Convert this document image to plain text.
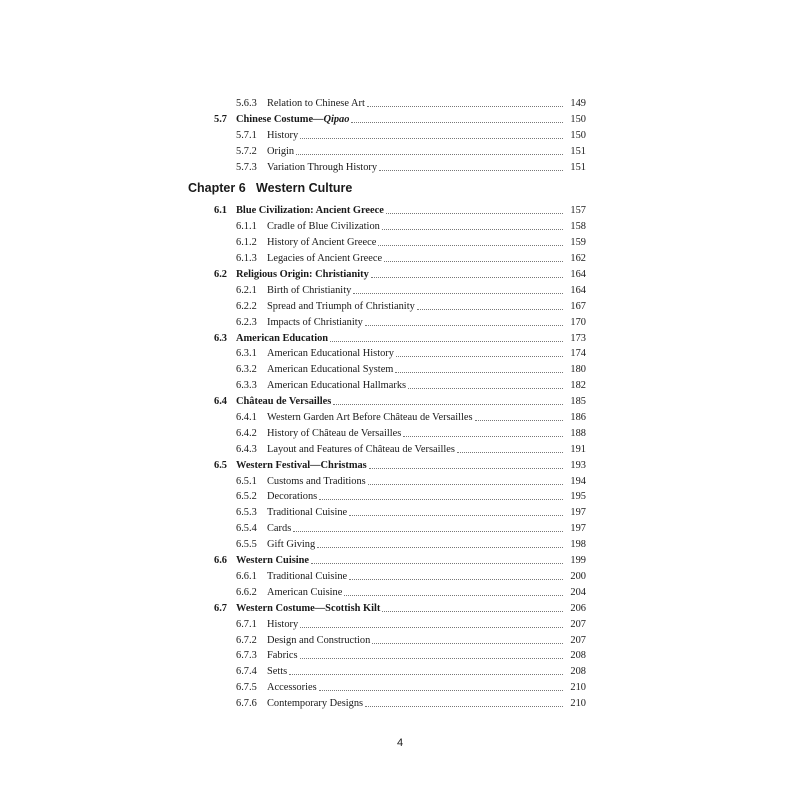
5.6.3 Relation to Chinese Art	149
5.7 Chinese Costume— Qipao	150
5.7.1 History	150
5.7.2 Origin	151
5.7.3 Variation Through History	151
Chapter 6 Western Culture
6.1 Blue Civilization: Ancient Greece	157
6.1.1 Cradle of Blue Civilization	158
6.1.2 History of Ancient Greece	159
6.1.3 Legacies of Ancient Greece	162
6.2 Religious Origin: Christianity	164
6.2.1 Birth of Christianity	164
6.2.2 Spread and Triumph of Christianity	167
6.2.3 Impacts of Christianity	170
6.3 American Education	173
6.3.1 American Educational History	174
6.3.2 American Educational System	180
6.3.3 American Educational Hallmarks	182
6.4 Château de Versailles	185
6.4.1 Western Garden Art Before Château de Versailles	186
6.4.2 History of Château de Versailles	188
6.4.3 Layout and Features of Château de Versailles	191
6.5 Western Festival—Christmas	193
6.5.1 Customs and Traditions	194
6.5.2 Decorations	195
6.5.3 Traditional Cuisine	197
6.5.4 Cards	197
6.5.5 Gift Giving	198
6.6 Western Cuisine	199
6.6.1 Traditional Cuisine	200
6.6.2 American Cuisine	204
6.7 Western Costume—Scottish Kilt	206
6.7.1 History	207
6.7.2 Design and Construction	207
6.7.3 Fabrics	208
6.7.4 Setts	208
6.7.5 Accessories	210
6.7.6 Contemporary Designs	210
4
